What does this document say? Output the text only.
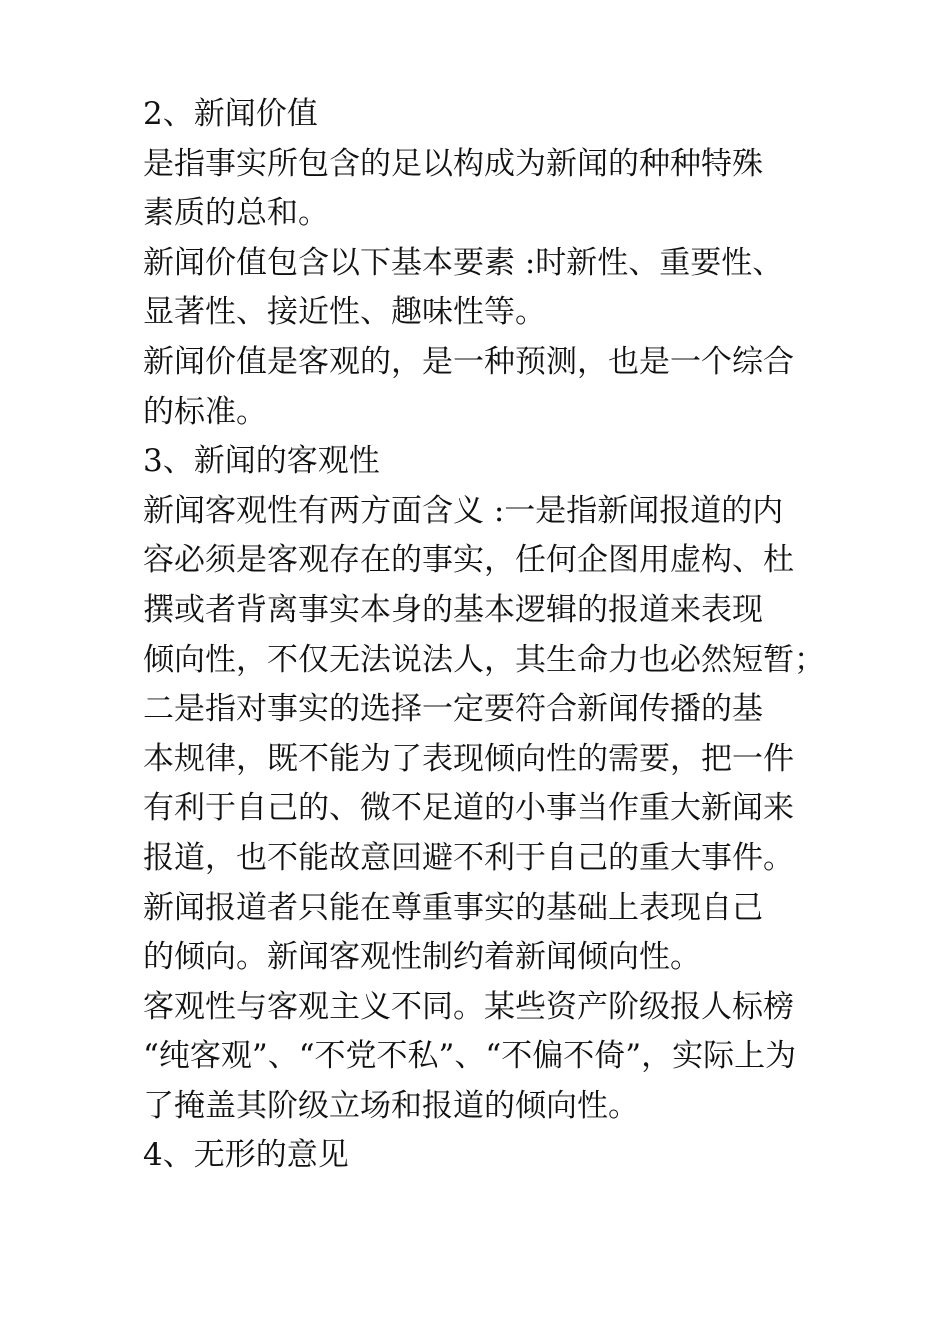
2、新闻价值
是指事实所包含的足以构成为新闻的种种特殊
素质的总和。
新闻价值包含以下基本要素 :时新性、重要性、
显著性、接近性、趣味性等。
新闻价值是客观的，是一种预测，也是一个综合
的标准。
3、新闻的客观性
新闻客观性有两方面含义 :一是指新闻报道的内
容必须是客观存在的事实，任何企图用虚构、杜
撰或者背离事实本身的基本逻辑的报道来表现
倾向性，不仅无法说法人，其生命力也必然短暂；
二是指对事实的选择一定要符合新闻传播的基
本规律，既不能为了表现倾向性的需要，把一件
有利于自己的、微不足道的小事当作重大新闻来
报道，也不能故意回避不利于自己的重大事件。
新闻报道者只能在尊重事实的基础上表现自己
的倾向。新闻客观性制约着新闻倾向性。
客观性与客观主义不同。某些资产阶级报人标榜
“纯客观”、“不党不私”、“不偏不倚”，实际上为
了掩盖其阶级立场和报道的倾向性。
4、无形的意见
